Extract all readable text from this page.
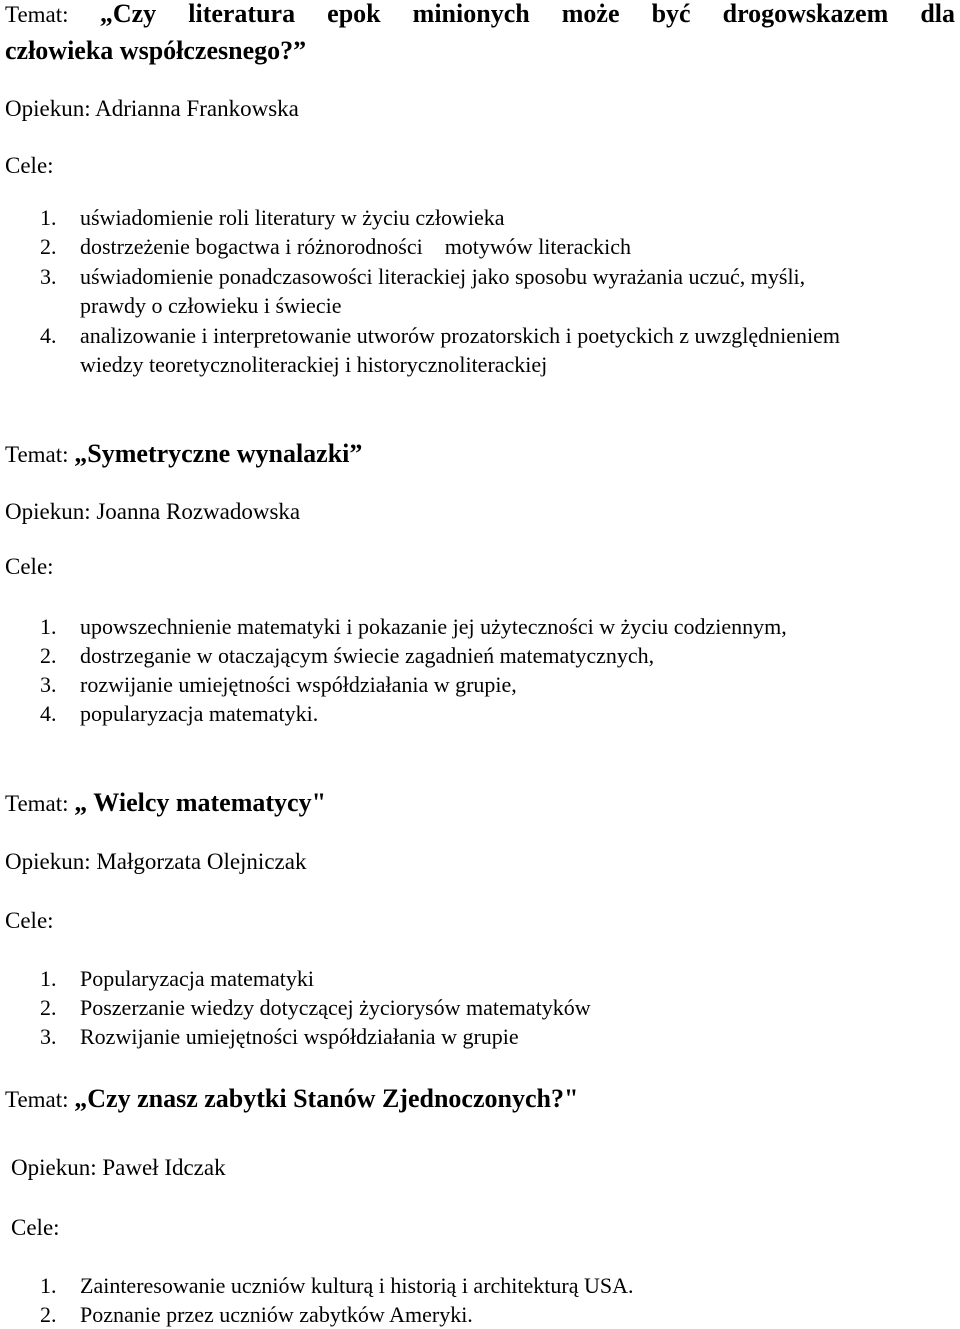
Temat: „Czy literatura epok minionych może być drogowskazem dla
człowieka współczesnego?”
Opiekun: Adrianna Frankowska
Cele:
1. uświadomienie roli literatury w życiu człowieka
2. dostrzeżenie bogactwa i różnorodności    motywów literackich
3. uświadomienie ponadczasowości literackiej jako sposobu wyrażania uczuć, myśli,
prawdy o człowieku i świecie
4. analizowanie i interpretowanie utworów prozatorskich i poetyckich z uwzględnieniem
wiedzy teoretycznoliterackiej i historycznoliterackiej
Temat: „Symetryczne wynalazki”
Opiekun: Joanna Rozwadowska
Cele:
1. upowszechnienie matematyki i pokazanie jej użyteczności w życiu codziennym,
2. dostrzeganie w otaczającym świecie zagadnień matematycznych,
3. rozwijanie umiejętności współdziałania w grupie,
4. popularyzacja matematyki.
Temat: „ Wielcy matematycy"
Opiekun: Małgorzata Olejniczak
Cele:
1. Popularyzacja matematyki
2. Poszerzanie wiedzy dotyczącej życiorysów matematyków
3. Rozwijanie umiejętności współdziałania w grupie
Temat: „Czy znasz zabytki Stanów Zjednoczonych?"
Opiekun: Paweł Idczak
Cele:
1. Zainteresowanie uczniów kulturą i historią i architekturą USA.
2. Poznanie przez uczniów zabytków Ameryki.
